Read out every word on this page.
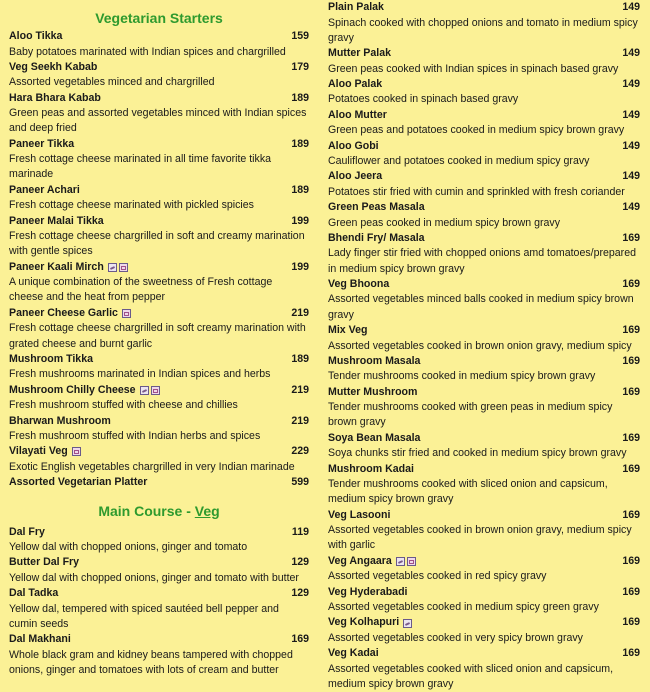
Vegetarian Starters
Aloo Tikka	159
Baby potatoes marinated with Indian spices and chargrilled
Veg Seekh Kabab	179
Assorted vegetables minced and chargrilled
Hara Bhara Kabab	189
Green peas and assorted vegetables minced with Indian spices and deep fried
Paneer Tikka	189
Fresh cottage cheese marinated in all time favorite tikka marinade
Paneer Achari	189
Fresh cottage cheese marinated with pickled spicies
Paneer Malai Tikka	199
Fresh cottage cheese chargrilled in soft and creamy marination with gentle spices
Paneer Kaali Mirch	199
A unique combination of the sweetness of Fresh cottage cheese and the heat from pepper
Paneer Cheese Garlic	219
Fresh cottage cheese chargrilled in soft creamy marination with grated cheese and burnt garlic
Mushroom Tikka	189
Fresh mushrooms marinated in Indian spices and herbs
Mushroom Chilly Cheese	219
Fresh mushroom stuffed with cheese and chillies
Bharwan Mushroom	219
Fresh mushroom stuffed with Indian herbs and spices
Vilayati Veg	229
Exotic English vegetables chargrilled in very Indian marinade
Assorted Vegetarian Platter	599
Main Course - Veg
Dal Fry	119
Yellow dal with chopped onions, ginger and tomato
Butter Dal Fry	129
Yellow dal with chopped onions, ginger and tomato with butter
Dal Tadka	129
Yellow dal, tempered with spiced sautéed bell pepper and cumin seeds
Dal Makhani	169
Whole black gram and kidney beans tampered with chopped onions, ginger and tomatoes with lots of cream and butter
Plain Palak	149
Spinach cooked with chopped onions and tomato in medium spicy gravy
Mutter Palak	149
Green peas cooked with Indian spices in spinach based gravy
Aloo Palak	149
Potatoes cooked in spinach based gravy
Aloo Mutter	149
Green peas and potatoes cooked in medium spicy brown gravy
Aloo Gobi	149
Cauliflower and potatoes cooked in medium spicy gravy
Aloo Jeera	149
Potatoes stir fried with cumin and sprinkled with fresh coriander
Green Peas Masala	149
Green peas cooked in medium spicy brown gravy
Bhendi Fry/ Masala	169
Lady finger stir fried with chopped onions amd tomatoes/prepared in medium spicy brown gravy
Veg Bhoona	169
Assorted vegetables minced balls cooked in medium spicy brown gravy
Mix Veg	169
Assorted vegetables cooked in brown onion gravy, medium spicy
Mushroom Masala	169
Tender mushrooms cooked in medium spicy brown gravy
Mutter Mushroom	169
Tender mushrooms cooked with green peas in medium spicy brown gravy
Soya Bean Masala	169
Soya chunks stir fried and cooked in medium spicy brown gravy
Mushroom Kadai	169
Tender mushrooms cooked with sliced onion and capsicum, medium spicy brown gravy
Veg Lasooni	169
Assorted vegetables cooked in brown onion gravy, medium spicy with garlic
Veg Angaara	169
Assorted vegetables cooked in red spicy gravy
Veg Hyderabadi	169
Assorted vegetables cooked in medium spicy green gravy
Veg Kolhapuri	169
Assorted vegetables cooked in very spicy brown gravy
Veg Kadai	169
Assorted vegetables cooked with sliced onion and capsicum, medium spicy brown gravy
